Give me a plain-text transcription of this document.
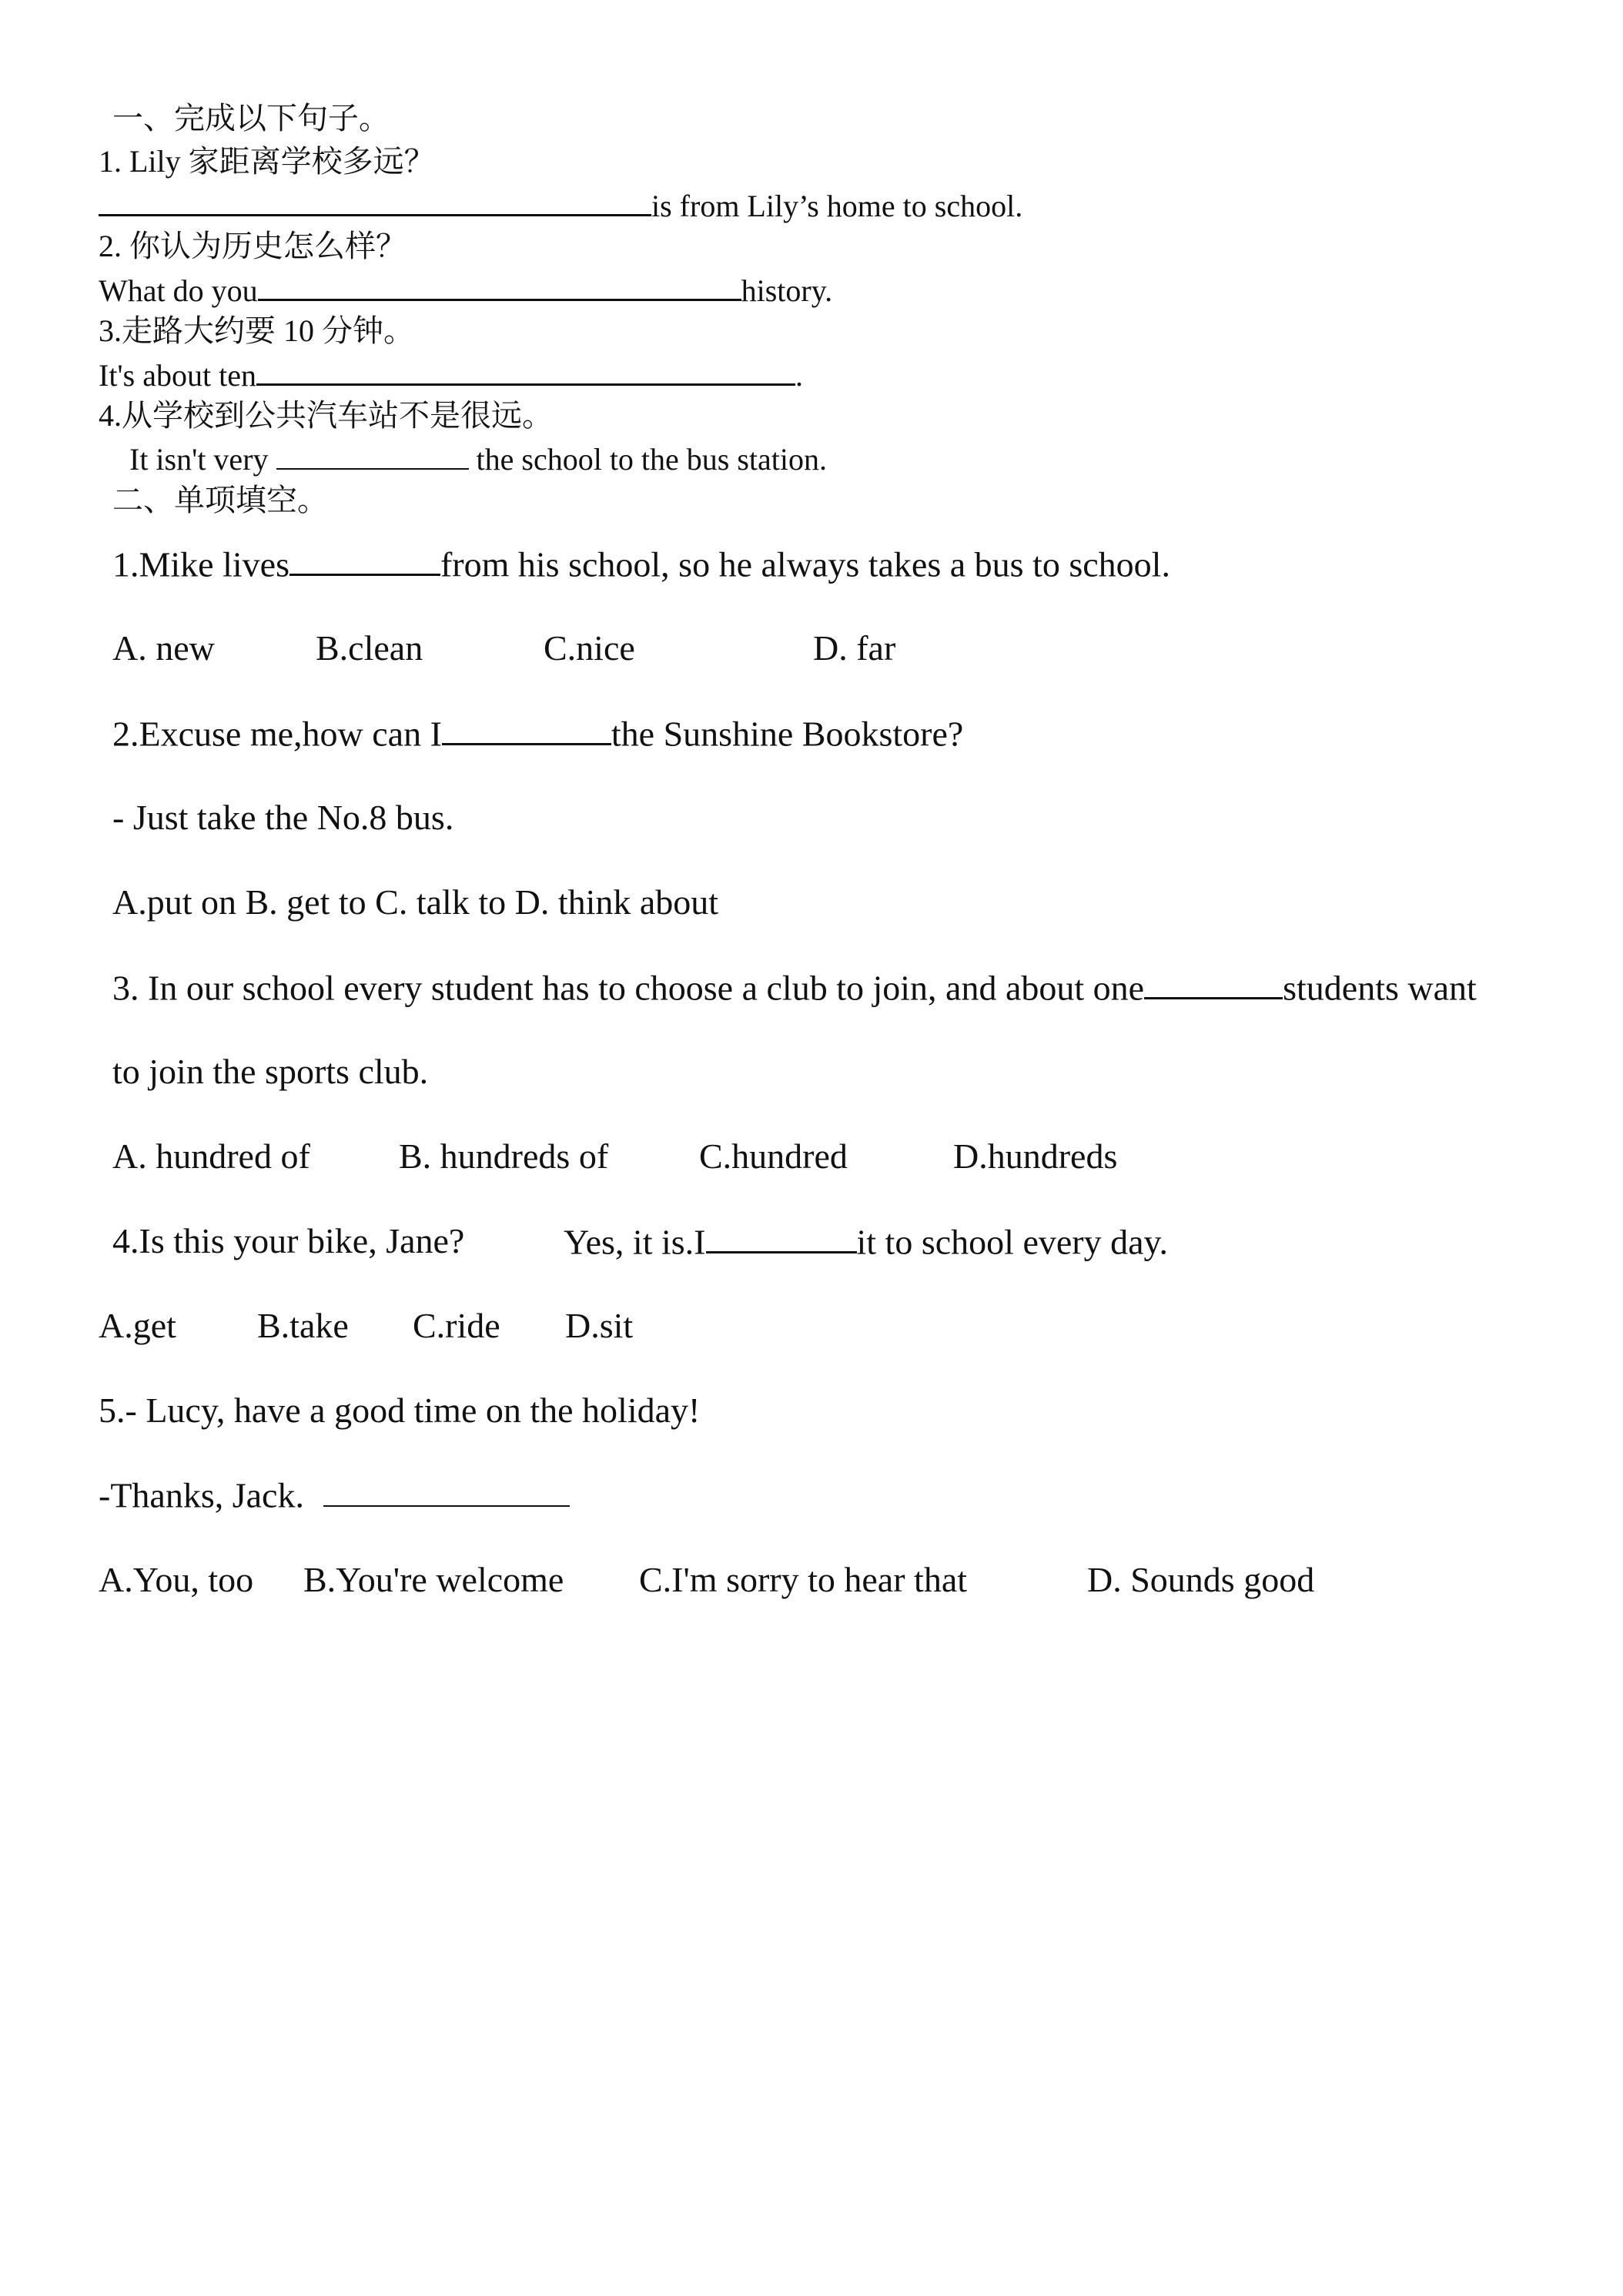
一、完成以下句子。
1. Lily 家距离学校多远？
is from Lily’s home to school.
2. 你认为历史怎么样？
What do you	history.
3.走路大约要 10 分钟。
It's about ten	.
4.从学校到公共汽车站不是很远。
It isn't very	the school to the bus station.
二、单项填空。
1.Mike lives	from his school, so he always takes a bus to school.
A. new	B.clean	C.nice	D. far
2.Excuse me,how can I	the Sunshine Bookstore?
- Just take the No.8 bus.
A.put on B. get to C. talk to D. think about
3. In our school every student has to choose a club to join, and about one	students want
to join the sports club.
A. hundred of	B. hundreds of	C.hundred	D.hundreds
4.Is this your bike, Jane?	Yes, it is.I	it to school every day.
A.get B.take C.ride D.sit
5.- Lucy, have a good time on the holiday!
-Thanks, Jack.
A.You, too B.You're welcome C.I'm sorry to hear that	D. Sounds good
